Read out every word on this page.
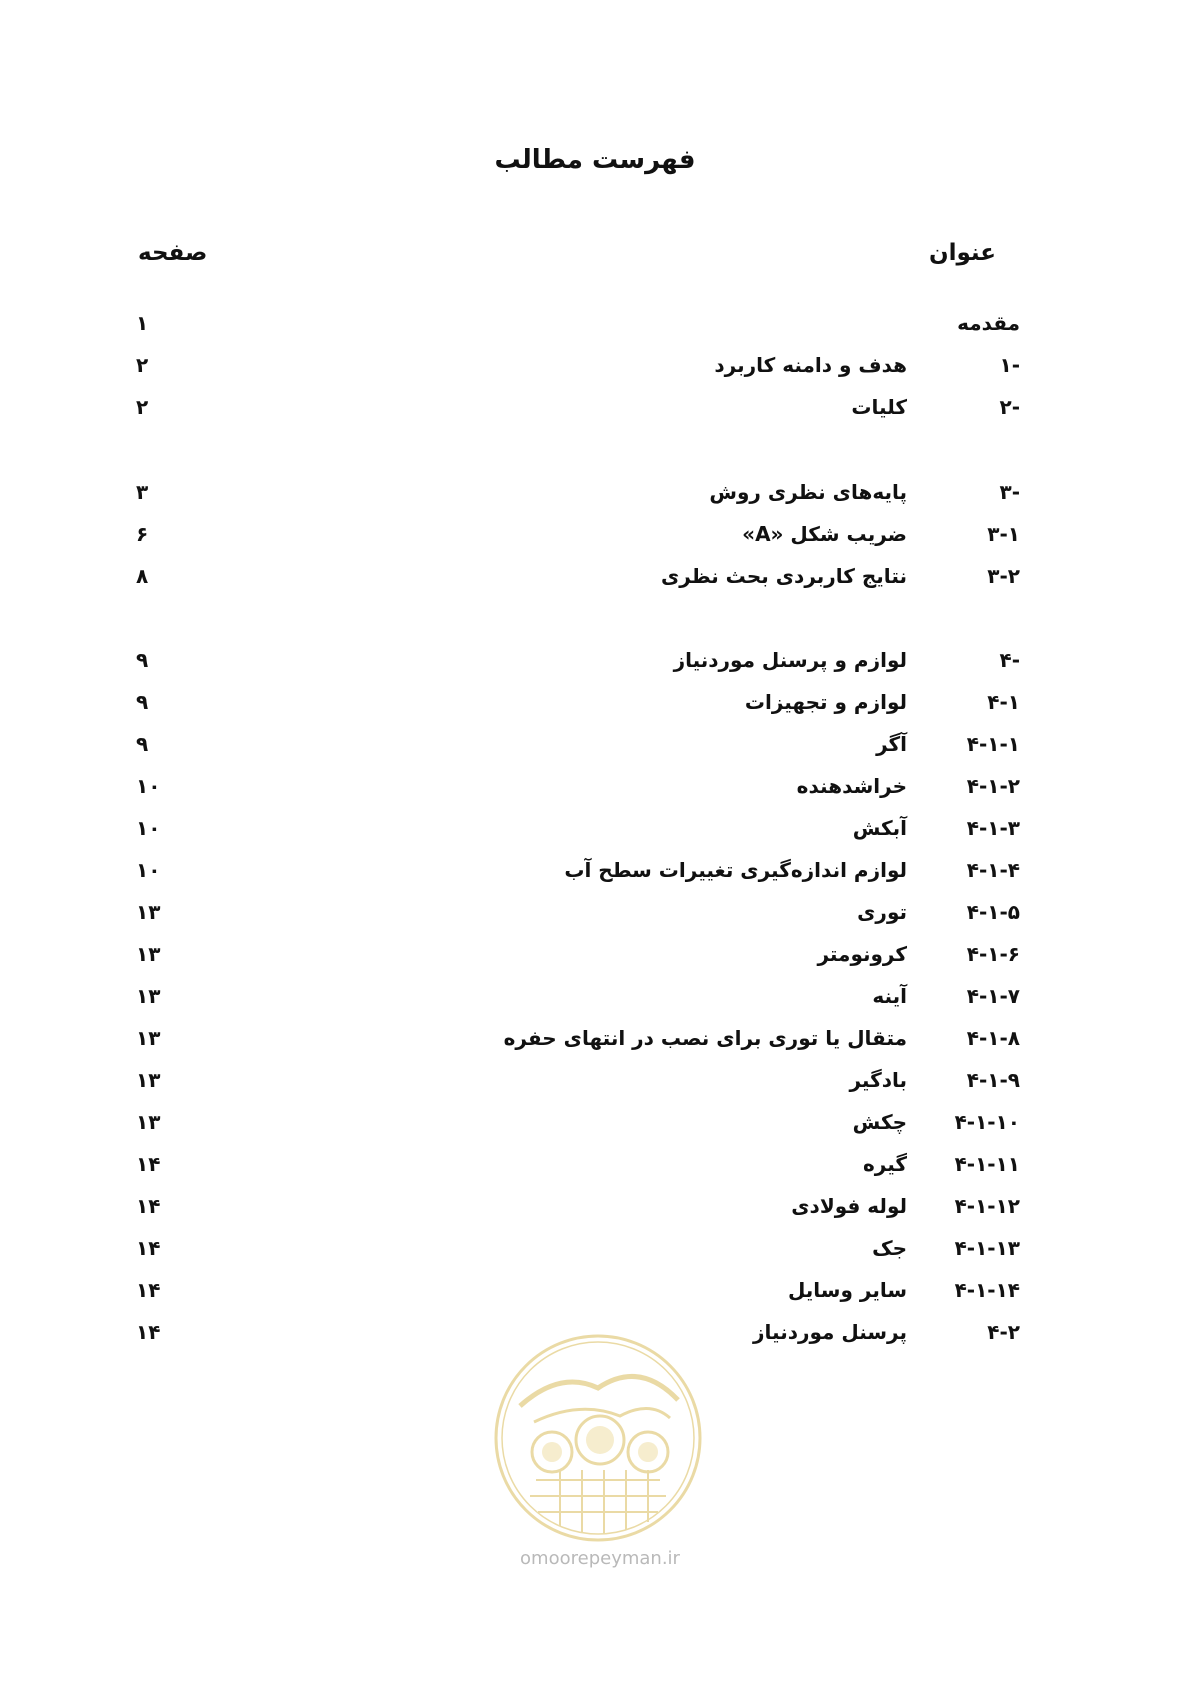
فهرست مطالب
عنوان
صفحه
مقدمه
۱
۱-
هدف و دامنه کاربرد
۲
۲-
کلیات
۲
۳-
پایه‌های نظری روش
۳
۳-۱
ضریب شکل «A»
۶
۳-۲
نتایج کاربردی بحث نظری
۸
۴-
لوازم و پرسنل موردنیاز
۹
۴-۱
لوازم و تجهیزات
۹
۴-۱-۱
آگر
۹
۴-۱-۲
خراشدهنده
۱۰
۴-۱-۳
آبکش
۱۰
۴-۱-۴
لوازم اندازه‌گیری تغییرات سطح آب
۱۰
۴-۱-۵
توری
۱۳
۴-۱-۶
کرونومتر
۱۳
۴-۱-۷
آینه
۱۳
۴-۱-۸
متقال یا توری برای نصب در انتهای حفره
۱۳
۴-۱-۹
بادگیر
۱۳
۴-۱-۱۰
چکش
۱۳
۴-۱-۱۱
گیره
۱۴
۴-۱-۱۲
لوله فولادی
۱۴
۴-۱-۱۳
جک
۱۴
۴-۱-۱۴
سایر وسایل
۱۴
۴-۲
پرسنل موردنیاز
۱۴
omoorepeyman.ir
